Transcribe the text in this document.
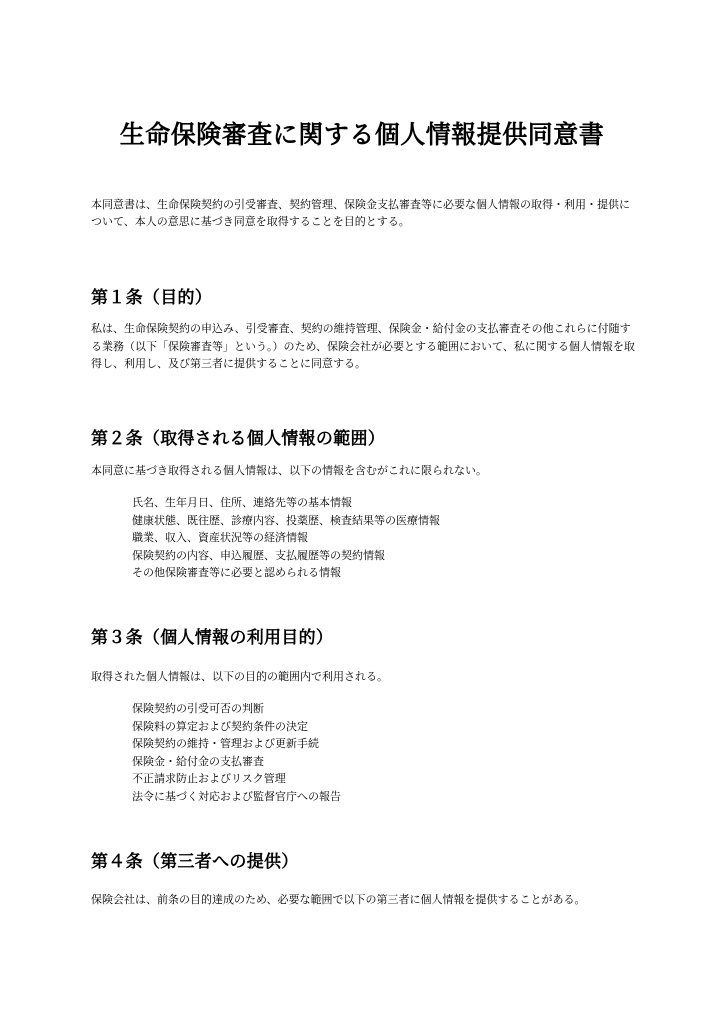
生命保険審査に関する個人情報提供同意書

本同意書は、生命保険契約の引受審査、契約管理、保険金支払審査等に必要な個人情報の取得・利用・提供について、本人の意思に基づき同意を取得することを目的とする。

第１条（目的）

私は、生命保険契約の申込み、引受審査、契約の維持管理、保険金・給付金の支払審査その他これらに付随する業務（以下「保険審査等」という。）のため、保険会社が必要とする範囲において、私に関する個人情報を取得し、利用し、及び第三者に提供することに同意する。

第２条（取得される個人情報の範囲）

本同意に基づき取得される個人情報は、以下の情報を含むがこれに限られない。

氏名、生年月日、住所、連絡先等の基本情報
健康状態、既往歴、診療内容、投薬歴、検査結果等の医療情報
職業、収入、資産状況等の経済情報
保険契約の内容、申込履歴、支払履歴等の契約情報
その他保険審査等に必要と認められる情報
第３条（個人情報の利用目的）

取得された個人情報は、以下の目的の範囲内で利用される。

保険契約の引受可否の判断
保険料の算定および契約条件の決定
保険契約の維持・管理および更新手続
保険金・給付金の支払審査
不正請求防止およびリスク管理
法令に基づく対応および監督官庁への報告
第４条（第三者への提供）

保険会社は、前条の目的達成のため、必要な範囲で以下の第三者に個人情報を提供することがある。
